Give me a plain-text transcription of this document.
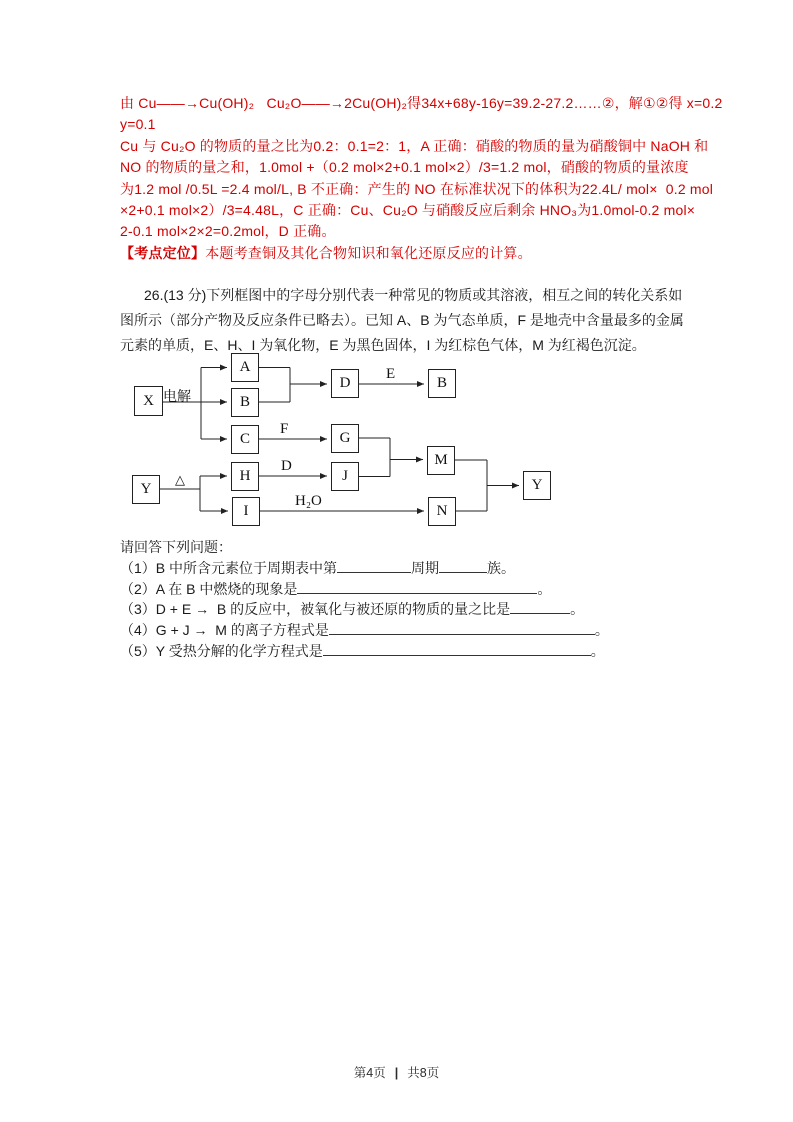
由 Cu——→Cu(OH)₂   Cu₂O——→2Cu(OH)₂得34x+68y-16y=39.2-27.2……②，解①②得 x=0.2
y=0.1
Cu 与 Cu₂O 的物质的量之比为0.2：0.1=2：1，A 正确：硝酸的物质的量为硝酸铜中 NaOH 和
NO 的物质的量之和，1.0mol +（0.2 mol×2+0.1 mol×2）/3=1.2 mol，硝酸的物质的量浓度
为1.2 mol /0.5L =2.4 mol/L, B 不正确：产生的 NO 在标准状况下的体积为22.4L/ mol×  0.2 mol
×2+0.1 mol×2）/3=4.48L，C 正确：Cu、Cu₂O 与硝酸反应后剩余 HNO₃为1.0mol-0.2 mol×
2-0.1 mol×2×2=0.2mol，D 正确。
【考点定位】本题考查铜及其化合物知识和氧化还原反应的计算。
26.(13 分)下列框图中的字母分别代表一种常见的物质或其溶液，相互之间的转化关系如
图所示（部分产物及反应条件已略去）。已知 A、B 为气态单质，F 是地壳中含量最多的金属
元素的单质，E、H、I 为氧化物，E 为黑色固体，I 为红棕色气体，M 为红褐色沉淀。
X
A
B
C
H
I
D
G
J
B
M
N
Y	Y
电解
△
E
F
D
H₂O
请回答下列问题：
（1）B 中所含元素位于周期表中第	周期	族。
（2）A 在 B 中燃烧的现象是	。
（3）D + E →  B 的反应中，被氧化与被还原的物质的量之比是	。
（4）G + J →  M 的离子方程式是	。
（5）Y 受热分解的化学方程式是	。
第4页 | 共8页
